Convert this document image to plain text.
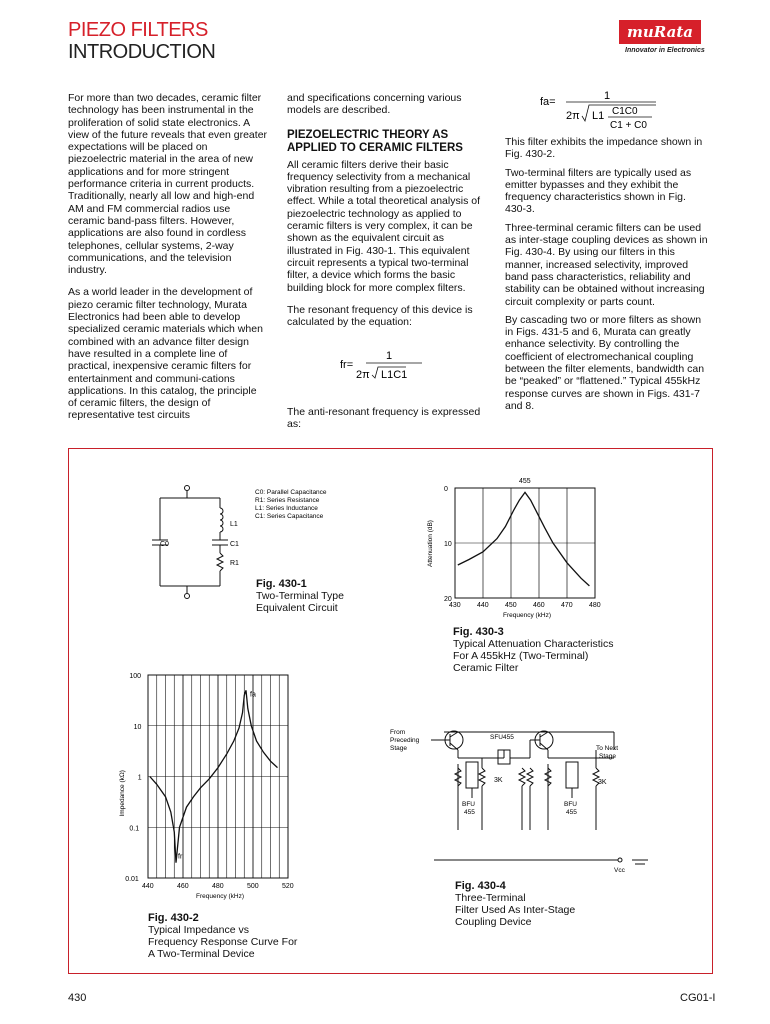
PIEZO FILTERS
INTRODUCTION
muRata
Innovator in Electronics

For more than two decades, ceramic filter technology has been instrumental in the proliferation of solid state electronics. A view of the future reveals that even greater expectations will be placed on piezoelectric material in the area of new applications and for more stringent performance criteria in current products. Traditionally, nearly all low and high-end AM and FM commercial radios use ceramic band-pass filters. However, applications are also found in cordless telephones, cellular systems, 2-way communications, and the television industry.

As a world leader in the development of piezo ceramic filter technology, Murata Electronics had been able to develop specialized ceramic materials which when combined with an advance filter design have resulted in a complete line of practical, inexpensive ceramic filters for entertainment and communi-cations applications. In this catalog, the principle of ceramic filters, the design of representative test circuits

and specifications concerning various models are described.

PIEZOELECTRIC THEORY AS APPLIED TO CERAMIC FILTERS

All ceramic filters derive their basic frequency selectivity from a mechanical vibration resulting from a piezoelectric effect. While a total theoretical analysis of piezoelectric technology as applied to ceramic filters is very complex, it can be shown as the equivalent circuit as illustrated in Fig. 430-1. This equivalent circuit represents a typical two-terminal filter, a device which forms the basic building block for more complex filters.

The resonant frequency of this device is calculated by the equation:

The anti-resonant frequency is expressed as:
fr=
1
2π L1C1
fa=	1
2π L1 C1C0
C1 + C0

This filter exhibits the impedance shown in Fig. 430-2.

Two-terminal filters are typically used as emitter bypasses and they exhibit the frequency characteristics shown in Fig. 430-3.

Three-terminal ceramic filters can be used as inter-stage coupling devices as shown in Fig. 430-4. By using our filters in this manner, increased selectivity, improved band pass characteristics, reliability and stability can be obtained without increasing circuit complexity or parts count.

By cascading two or more filters as shown in Figs. 431-5 and 6, Murata can greatly enhance selectivity. By controlling the coefficient of electromechanical coupling between the filter elements, bandwidth can be “peaked” or “flattened.” Typical 455kHz response curves are shown in Figs. 431-7 and 8.

C0	C1
L1
R1
C0: Parallel Capacitance
R1: Series Resistance
L1: Series Inductance
C1: Series Capacitance
Fig. 430-1
Two-Terminal Type
Equivalent Circuit	430 440 450 460 470 480
0
10
20
455
Frequency (kHz)
Attenuation (dB)
Fig. 430-3
Typical Attenuation Characteristics
For A 455kHz (Two-Terminal)
Ceramic Filter
440	460	480	500	520
0.01
0.1
1
10
100
fa
fr
Frequency (kHz)
Impedance (kΩ)
Fig. 430-2
Typical Impedance vs
Frequency Response Curve For
A Two-Terminal Device
From
Preceding
Stage
SFU455
To Next
Stage
3K	3K
BFU
455
BFU
455
Vcc
Fig. 430-4
Three-Terminal
Filter Used As Inter-Stage
Coupling Device
430	CG01-I
